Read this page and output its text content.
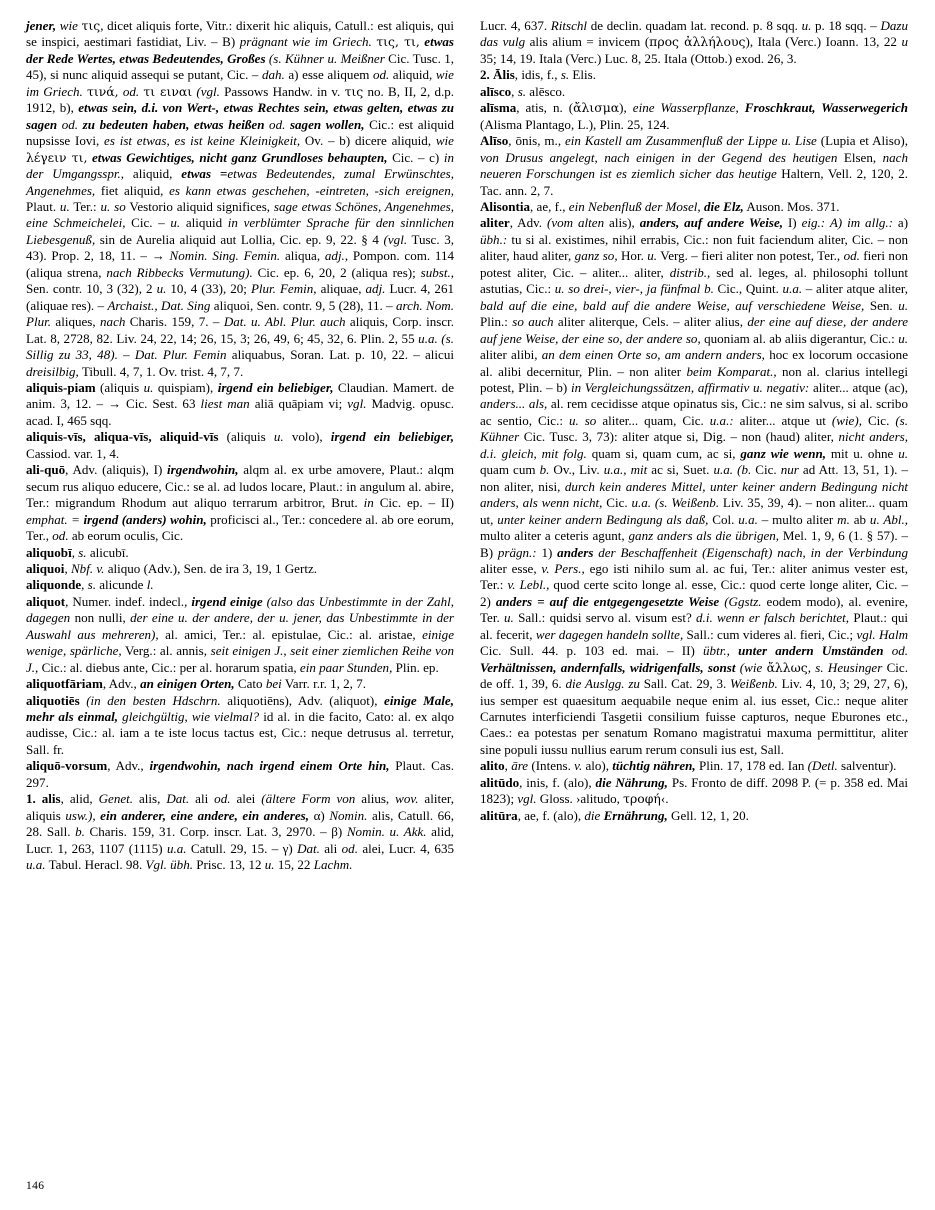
jener, wie τις, dicet aliquis forte, Vitr.: dixerit hic aliquis, Catull.: est aliquis, qui se inspici, aestimari fastidiat, Liv. – B) prägnant wie im Griech. τις, τι, etwas der Rede Wertes, etwas Bedeutendes, Großes (s. Kühner u. Meißner Cic. Tusc. 1, 45), si nunc aliquid assequi se putant, Cic. – dah. a) esse aliquem od. aliquid, wie im Griech. τινά, od. τι ειναι (vgl. Passows Handw. in v. τις no. B, II, 2, d.p. 1912, b), etwas sein, d.i. von Wert-, etwas Rechtes sein, etwas gelten, etwas zu sagen od. zu bedeuten haben, etwas heißen od. sagen wollen, Cic.: est aliquid nupsisse Iovi, es ist etwas, es ist keine Kleinigkeit, Ov. – b) dicere aliquid, wie λέγειν τι, etwas Gewichtiges, nicht ganz Grundloses behaupten, Cic. – c) in der Umgangsspr., aliquid, etwas =etwas Bedeutendes, zumal Erwünschtes, Angenehmes, fiet aliquid, es kann etwas geschehen, -eintreten, -sich ereignen, Plaut. u. Ter.: u. so Vestorio aliquid significes, sage etwas Schönes, Angenehmes, eine Schmeichelei, Cic. – u. aliquid in verblümter Sprache für den sinnlichen Liebesgenuß, sin de Aurelia aliquid aut Lollia, Cic. ep. 9, 22. § 4 (vgl. Tusc. 3, 43). Prop. 2, 18, 11. – → Nomin. Sing. Femin. aliqua, adj., Pompon. com. 114 (aliqua strena, nach Ribbecks Vermutung). Cic. ep. 6, 20, 2 (aliqua res); subst., Sen. contr. 10, 3 (32), 2 u. 10, 4 (33), 20; Plur. Femin, aliquae, adj. Lucr. 4, 261 (aliquae res). – Archaist., Dat. Sing aliquoi, Sen. contr. 9, 5 (28), 11. – arch. Nom. Plur. aliques, nach Charis. 159, 7. – Dat. u. Abl. Plur. auch aliquis, Corp. inscr. Lat. 8, 2728, 82. Liv. 24, 22, 14; 26, 15, 3; 26, 49, 6; 45, 32, 6. Plin. 2, 55 u.a. (s. Sillig zu 33, 48). – Dat. Plur. Femin aliquabus, Soran. Lat. p. 10, 22. – alicui dreisilbig, Tibull. 4, 7, 1. Ov. trist. 4, 7, 7.

aliquis-piam (aliquis u. quispiam), irgend ein beliebiger, Claudian. Mamert. de anim. 3, 12. – → Cic. Sest. 63 liest man aliā quāpiam vi; vgl. Madvig. opusc. acad. I, 465 sqq.

aliquis-vīs, aliqua-vīs, aliquid-vīs (aliquis u. volo), irgend ein beliebiger, Cassiod. var. 1, 4.

ali-quō, Adv. (aliquis), I) irgendwohin, alqm al. ex urbe amovere, Plaut.: alqm secum rus aliquo educere, Cic.: se al. ad ludos locare, Plaut.: in angulum al. abire, Ter.: migrandum Rhodum aut aliquo terrarum arbitror, Brut. in Cic. ep. – II) emphat. = irgend (anders) wohin, proficisci al., Ter.: concedere al. ab ore eorum, Ter., od. ab eorum oculis, Cic.

aliquobī, s. alicubī.

aliquoi, Nbf. v. aliquo (Adv.), Sen. de ira 3, 19, 1 Gertz.

aliquonde, s. alicunde l.

aliquot, Numer. indef. indecl., irgend einige (also das Unbestimmte in der Zahl, dagegen non nulli, der eine u. der andere, der u. jener, das Unbestimmte in der Auswahl aus mehreren), al. amici, Ter.: al. epistulae, Cic.: al. aristae, einige wenige, spärliche, Verg.: al. annis, seit einigen J., seit einer ziemlichen Reihe von J., Cic.: al. diebus ante, Cic.: per al. horarum spatia, ein paar Stunden, Plin. ep.

aliquotfāriam, Adv., an einigen Orten, Cato bei Varr. r.r. 1, 2, 7.

aliquotiēs (in den besten Hdschrn. aliquotiēns), Adv. (aliquot), einige Male, mehr als einmal, gleichgültig, wie vielmal? id al. in die facito, Cato: al. ex alqo audisse, Cic.: al. iam a te iste locus tactus est, Cic.: neque detrusus al. terretur, Sall. fr.

aliquō-vorsum, Adv., irgendwohin, nach irgend einem Orte hin, Plaut. Cas. 297.

1. alis, alid, Genet. alis, Dat. ali od. alei (ältere Form von alius, wov. aliter, aliquis usw.), ein anderer, eine andere, ein anderes, α) Nomin. alis, Catull. 66, 28. Sall. b. Charis. 159, 31. Corp. inscr. Lat. 3, 2970. – β) Nomin. u. Akk. alid, Lucr. 1, 263, 1107 (1115) u.a. Catull. 29, 15. – γ) Dat. ali od. alei, Lucr. 4, 635 u.a. Tabul. Heracl. 98. Vgl. übh. Prisc. 13, 12 u. 15, 22 Lachm.

Lucr. 4, 637. Ritschl de declin. quadam lat. recond. p. 8 sqq. u. p. 18 sqq. – Dazu das vulg alis alium = invicem (προς ἀλλήλους), Itala (Verc.) Ioann. 13, 22 u 35; 14, 19. Itala (Verc.) Luc. 8, 25. Itala (Ottob.) exod. 26, 3.

2. Ālis, idis, f., s. Elis.

alīsco, s. alēsco.

alīsma, atis, n. (ἄλισμα), eine Wasserpflanze, Froschkraut, Wasserwegerich (Alisma Plantago, L.), Plin. 25, 124.

Alīso, ōnis, m., ein Kastell am Zusammenfluß der Lippe u. Lise (Lupia et Aliso), von Drusus angelegt, nach einigen in der Gegend des heutigen Elsen, nach neueren Forschungen ist es ziemlich sicher das heutige Haltern, Vell. 2, 120, 2. Tac. ann. 2, 7.

Alisontia, ae, f., ein Nebenfluß der Mosel, die Elz, Auson. Mos. 371.

aliter, Adv. (vom alten alis), anders, auf andere Weise, I) eig.: A) im allg.: a) übh.: tu si al. existimes, nihil errabis, Cic.: non fuit faciendum aliter, Cic. – non aliter, haud aliter, ganz so, Hor. u. Verg. – fieri aliter non potest, Ter., od. fieri non potest aliter, Cic. – aliter... aliter, distrib., sed al. leges, al. philosophi tollunt astutias, Cic.: u. so drei-, vier-, ja fünfmal b. Cic., Quint. u.a. – aliter atque aliter, bald auf die eine, bald auf die andere Weise, auf verschiedene Weise, Sen. u. Plin.: so auch aliter aliterque, Cels. – aliter alius, der eine auf diese, der andere auf jene Weise, der eine so, der andere so, quoniam al. ab aliis digerantur, Cic.: u. aliter alibi, an dem einen Orte so, am andern anders, hoc ex locorum occasione al. alibi decernitur, Plin. – non aliter beim Komparat., non al. clarius intellegi potest, Plin. – b) in Vergleichungssätzen, affirmativ u. negativ: aliter... atque (ac), anders... als, al. rem cecidisse atque opinatus sis, Cic.: ne sim salvus, si al. scribo ac sentio, Cic.: u. so aliter... quam, Cic. u.a.: aliter... atque ut (wie), Cic. (s. Kühner Cic. Tusc. 3, 73): aliter atque si, Dig. – non (haud) aliter, nicht anders, d.i. gleich, mit folg. quam si, quam cum, ac si, ganz wie wenn, mit u. ohne u. quam cum b. Ov., Liv. u.a., mit ac si, Suet. u.a. (b. Cic. nur ad Att. 13, 51, 1). – non aliter, nisi, durch kein anderes Mittel, unter keiner andern Bedingung nicht anders, als wenn nicht, Cic. u.a. (s. Weißenb. Liv. 35, 39, 4). – non aliter... quam ut, unter keiner andern Bedingung als daß, Col. u.a. – multo aliter m. ab u. Abl., multo aliter a ceteris agunt, ganz anders als die übrigen, Mel. 1, 9, 6 (1. § 57). – B) prägn.: 1) anders der Beschaffenheit (Eigenschaft) nach, in der Verbindung aliter esse, v. Pers., ego isti nihilo sum al. ac fui, Ter.: aliter animus vester est, Ter.: v. Lebl., quod certe scito longe al. esse, Cic.: quod certe longe aliter, Cic. – 2) anders = auf die entgegengesetzte Weise (Ggstz. eodem modo), al. evenire, Ter. u. Sall.: quidsi servo al. visum est? d.i. wenn er falsch berichtet, Plaut.: qui al. fecerit, wer dagegen handeln sollte, Sall.: cum videres al. fieri, Cic.; vgl. Halm Cic. Sull. 44. p. 103 ed. mai. – II) übtr., unter andern Umständen od. Verhältnissen, andernfalls, widrigenfalls, sonst (wie ἄλλως, s. Heusinger Cic. de off. 1, 39, 6. die Auslgg. zu Sall. Cat. 29, 3. Weißenb. Liv. 4, 10, 3; 29, 27, 6), ius semper est quaesitum aequabile neque enim al. ius esset, Cic.: neque aliter Carnutes interficiendi Tasgetii consilium fuisse capturos, neque Eburones etc., Caes.: ea potestas per senatum Romano magistratui maxuma permittitur, aliter sine populi iussu nullius earum rerum consuli ius est, Sall.

alito, āre (Intens. v. alo), tüchtig nähren, Plin. 17, 178 ed. Ian (Detl. salventur).

alitūdo, inis, f. (alo), die Nährung, Ps. Fronto de diff. 2098 P. (= p. 358 ed. Mai 1823); vgl. Gloss. ›alitudo, τροφή‹.

alitūra, ae, f. (alo), die Ernährung, Gell. 12, 1, 20.

146
